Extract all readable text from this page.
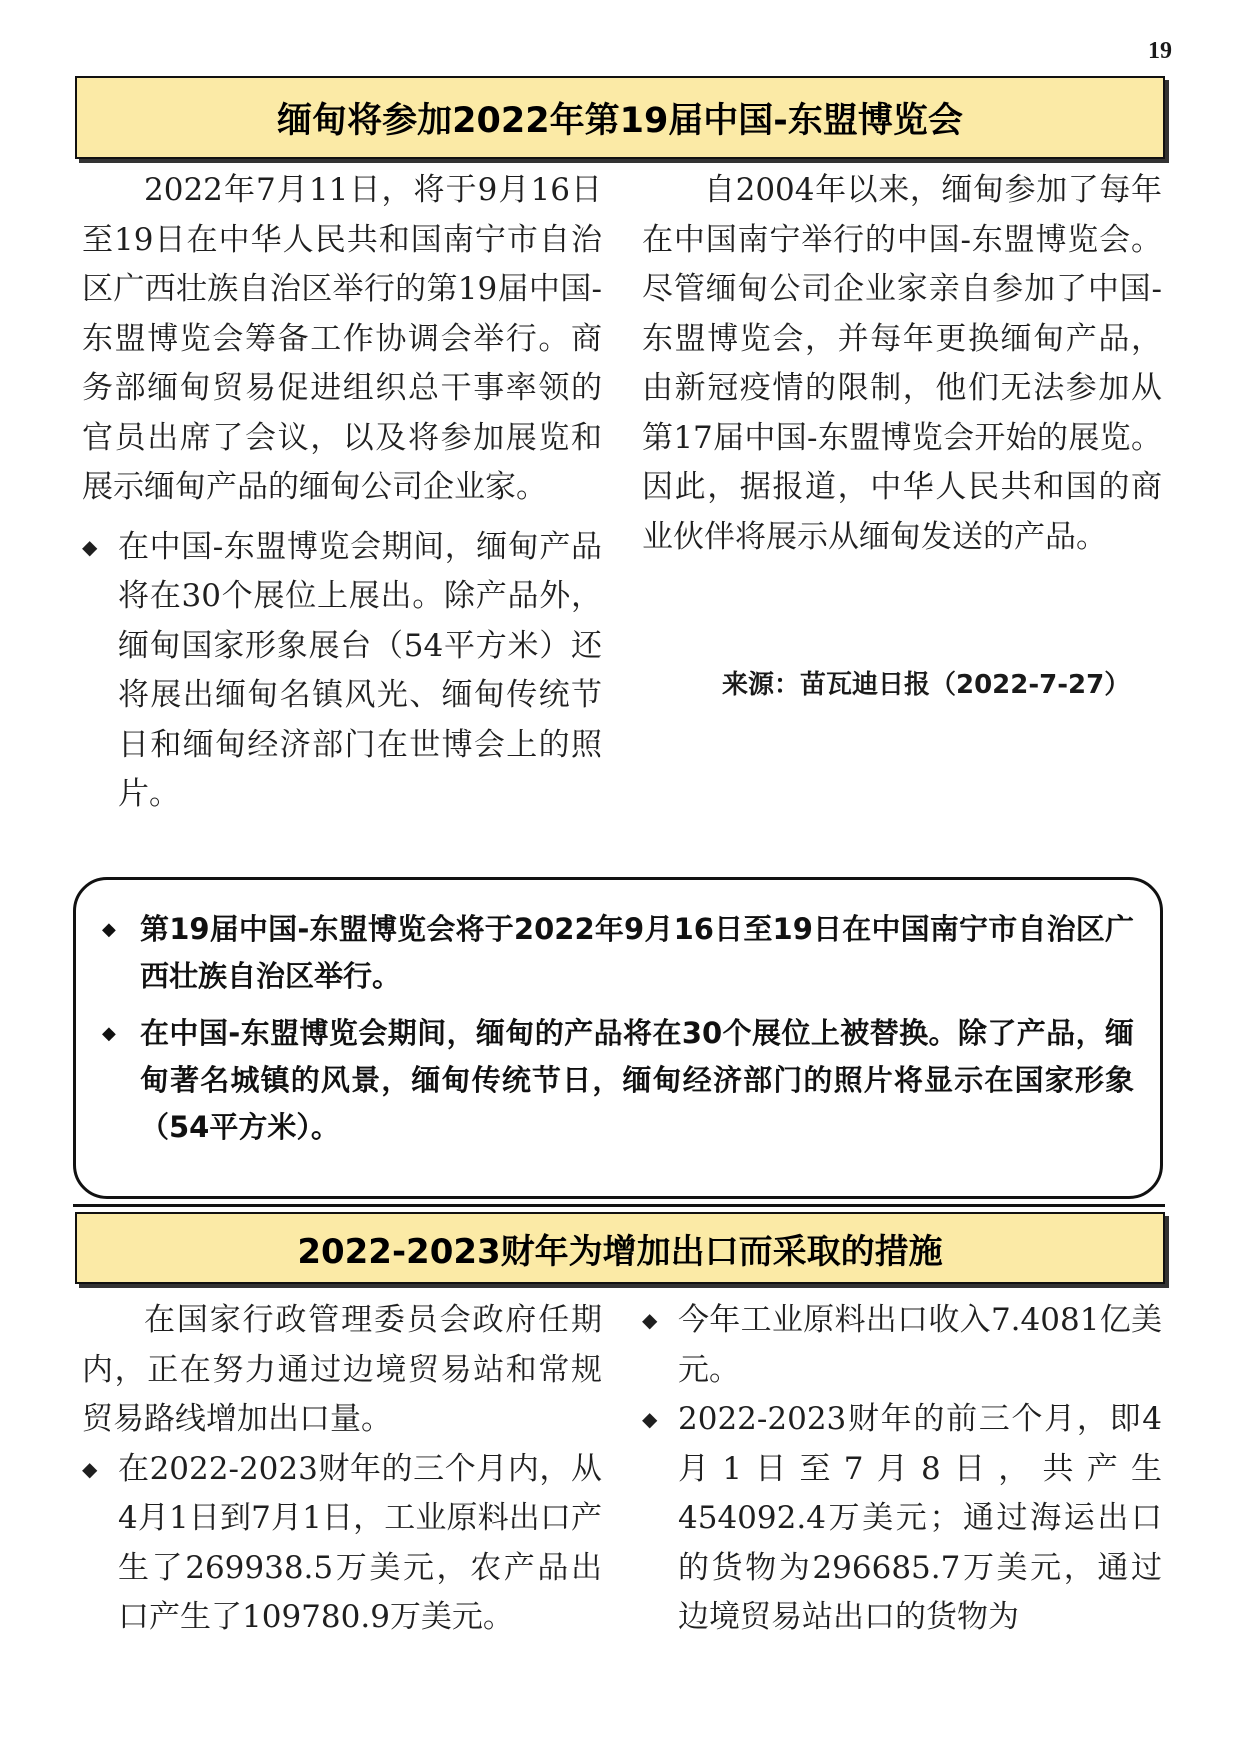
19
缅甸将参加2022年第19届中国-东盟博览会

2022年7月11日，将于9月16日至19日在中华人民共和国南宁市自治区广西壮族自治区举行的第19届中国-东盟博览会筹备工作协调会举行。商务部缅甸贸易促进组织总干事率领的官员出席了会议，以及将参加展览和展示缅甸产品的缅甸公司企业家。

◆ 在中国-东盟博览会期间，缅甸产品将在30个展位上展出。除产品外，缅甸国家形象展台（54平方米）还将展出缅甸名镇风光、缅甸传统节日和缅甸经济部门在世博会上的照片。

自2004年以来，缅甸参加了每年在中国南宁举行的中国-东盟博览会。尽管缅甸公司企业家亲自参加了中国-东盟博览会，并每年更换缅甸产品，由新冠疫情的限制，他们无法参加从第17届中国-东盟博览会开始的展览。因此，据报道，中华人民共和国的商业伙伴将展示从缅甸发送的产品。

来源：苗瓦迪日报（2022-7-27）
◆ 第19届中国-东盟博览会将于2022年9月16日至19日在中国南宁市自治区广西壮族自治区举行。
◆ 在中国-东盟博览会期间，缅甸的产品将在30个展位上被替换。除了产品，缅甸著名城镇的风景，缅甸传统节日，缅甸经济部门的照片将显示在国家形象（54平方米）。
2022-2023财年为增加出口而采取的措施

在国家行政管理委员会政府任期内，正在努力通过边境贸易站和常规贸易路线增加出口量。

◆ 在2022-2023财年的三个月内，从4月1日到7月1日，工业原料出口产生了269938.5万美元，农产品出口产生了109780.9万美元。
◆ 今年工业原料出口收入7.4081亿美元。
◆ 2022-2023财年的前三个月，即4月1日至7月8日，共产生454092.4万美元；通过海运出口的货物为296685.7万美元，通过边境贸易站出口的货物为
